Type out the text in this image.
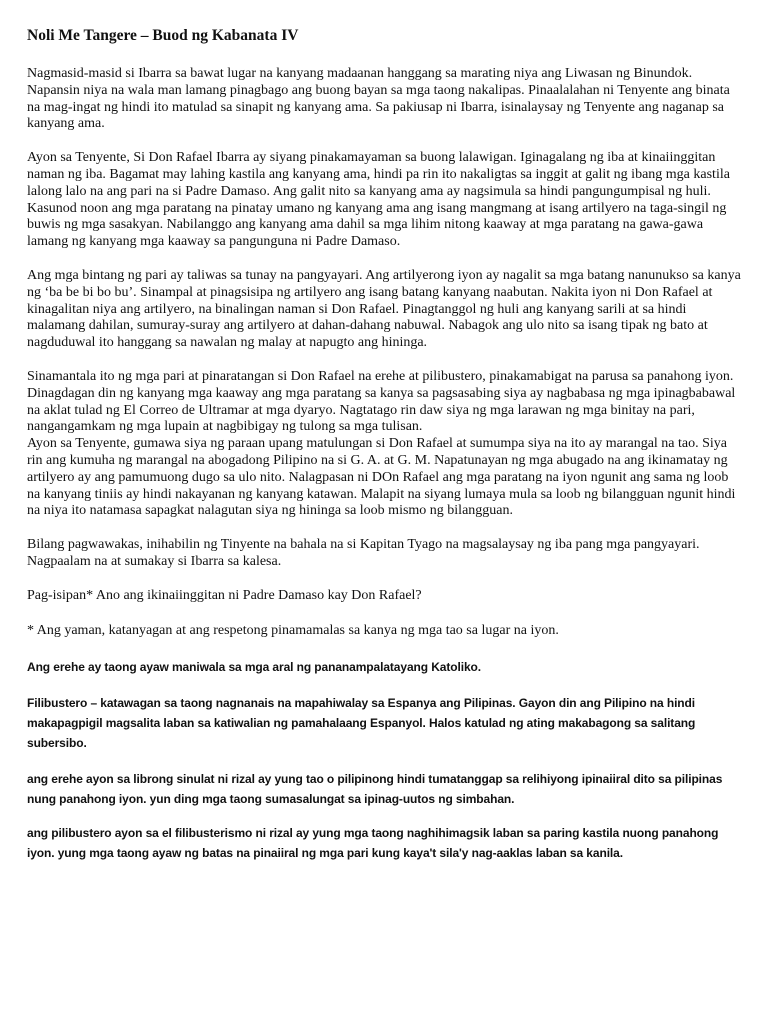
Noli Me Tangere – Buod ng Kabanata IV

Nagmasid-masid si Ibarra sa bawat lugar na kanyang madaanan hanggang sa marating niya ang Liwasan ng Binundok. Napansin niya na wala man lamang pinagbago ang buong bayan sa mga taong nakalipas. Pinaalalahan ni Tenyente ang binata na mag-ingat ng hindi ito matulad sa sinapit ng kanyang ama. Sa pakiusap ni Ibarra, isinalaysay ng Tenyente ang naganap sa kanyang ama.

Ayon sa Tenyente, Si Don Rafael Ibarra ay siyang pinakamayaman sa buong lalawigan. Iginagalang ng iba at kinaiinggitan naman ng iba. Bagamat may lahing kastila ang kanyang ama, hindi pa rin ito nakaligtas sa inggit at galit ng ibang mga kastila lalong lalo na ang pari na si Padre Damaso. Ang galit nito sa kanyang ama ay nagsimula sa hindi pangungumpisal ng huli. Kasunod noon ang mga paratang na pinatay umano ng kanyang ama ang isang mangmang at isang artilyero na taga-singil ng buwis ng mga sasakyan. Nabilanggo ang kanyang ama dahil sa mga lihim nitong kaaway at mga paratang na gawa-gawa lamang ng kanyang mga kaaway sa pangunguna ni Padre Damaso.

Ang mga bintang ng pari ay taliwas sa tunay na pangyayari. Ang artilyerong iyon ay nagalit sa mga batang nanunukso sa kanya ng ‘ba be bi bo bu’. Sinampal at pinagsisipa ng artilyero ang isang batang kanyang naabutan. Nakita iyon ni Don Rafael at kinagalitan niya ang artilyero, na binalingan naman si Don Rafael. Pinagtanggol ng huli ang kanyang sarili at sa hindi malamang dahilan, sumuray-suray ang artilyero at dahan-dahang nabuwal. Nabagok ang ulo nito sa isang tipak ng bato at nagduduwal ito hanggang sa nawalan ng malay at napugto ang hininga.

Sinamantala ito ng mga pari at pinaratangan si Don Rafael na erehe at pilibustero, pinakamabigat na parusa sa panahong iyon. Dinagdagan din ng kanyang mga kaaway ang mga paratang sa kanya sa pagsasabing siya ay nagbabasa ng mga ipinagbabawal na aklat tulad ng El Correo de Ultramar at mga dyaryo. Nagtatago rin daw siya ng mga larawan ng mga binitay na pari, nangangamkam ng mga lupain at nagbibigay ng tulong sa mga tulisan.

Ayon sa Tenyente, gumawa siya ng paraan upang matulungan si Don Rafael at sumumpa siya na ito ay marangal na tao. Siya rin ang kumuha ng marangal na abogadong Pilipino na si G. A. at G. M. Napatunayan ng mga abugado na ang ikinamatay ng artilyero ay ang pamumuong dugo sa ulo nito. Nalagpasan ni DOn Rafael ang mga paratang na iyon ngunit ang sama ng loob na kanyang tiniis ay hindi nakayanan ng kanyang katawan. Malapit na siyang lumaya mula sa loob ng bilangguan ngunit hindi na niya ito natamasa sapagkat nalagutan siya ng hininga sa loob mismo ng bilangguan.

Bilang pagwawakas, inihabilin ng Tinyente na bahala na si Kapitan Tyago na magsalaysay ng iba pang mga pangyayari. Nagpaalam na at sumakay si Ibarra sa kalesa.

Pag-isipan* Ano ang ikinaiinggitan ni Padre Damaso kay Don Rafael?

* Ang yaman, katanyagan at ang respetong pinamamalas sa kanya ng mga tao sa lugar na iyon.

Ang erehe ay taong ayaw maniwala sa mga aral ng pananampalatayang Katoliko.

Filibustero – katawagan sa taong nagnanais na mapahiwalay sa Espanya ang Pilipinas. Gayon din ang Pilipino na hindi makapagpigil magsalita laban sa katiwalian ng pamahalaang Espanyol. Halos katulad ng ating makabagong sa salitang subersibo.

ang erehe ayon sa librong sinulat ni rizal ay yung tao o pilipinong hindi tumatanggap sa relihiyong ipinaiiral dito sa pilipinas nung panahong iyon. yun ding mga taong sumasalungat sa ipinag-uutos ng simbahan.

ang pilibustero ayon sa el filibusterismo ni rizal ay yung mga taong naghihimagsik laban sa paring kastila nuong panahong iyon. yung mga taong ayaw ng batas na pinaiiral ng mga pari kung kaya't sila'y nag-aaklas laban sa kanila.
